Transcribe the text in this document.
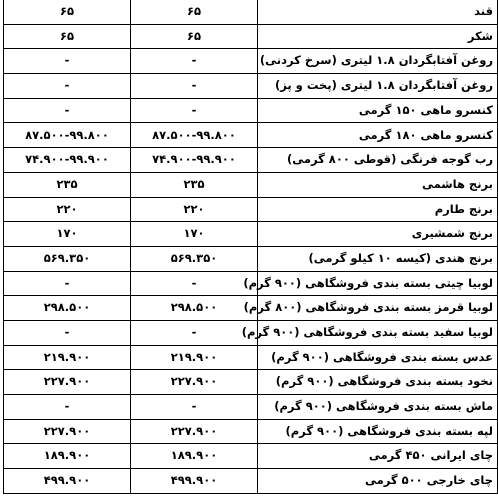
قند	۶۵	۶۵
شکر	۶۵	۶۵
روغن آفتابگردان ۱.۸ لیتری (سرخ کردنی)	-	-
روغن آفتابگردان ۱.۸ لیتری (پخت و پز)	-	-
کنسرو ماهی ۱۵۰ گرمی	-	-
کنسرو ماهی ۱۸۰ گرمی	۸۷.۵۰۰-۹۹.۸۰۰	۸۷.۵۰۰-۹۹.۸۰۰
رب گوجه فرنگی (قوطی ۸۰۰ گرمی)	۷۴.۹۰۰-۹۹.۹۰۰	۷۴.۹۰۰-۹۹.۹۰۰
برنج هاشمی	۲۳۵	۲۳۵
برنج طارم	۲۲۰	۲۲۰
برنج شمشیری	۱۷۰	۱۷۰
برنج هندی (کیسه ۱۰ کیلو گرمی)	۵۶۹.۳۵۰	۵۶۹.۳۵۰
لوبیا چیتی بسته بندی فروشگاهی (۹۰۰ گرم)	-	-
لوبیا قرمز بسته بندی فروشگاهی (۸۰۰ گرم)	۲۹۸.۵۰۰	۲۹۸.۵۰۰
لوبیا سفید بسته بندی فروشگاهی (۹۰۰ گرم)	-	-
عدس بسته بندی فروشگاهی (۹۰۰ گرم)	۲۱۹.۹۰۰	۲۱۹.۹۰۰
نخود بسته بندی فروشگاهی (۹۰۰ گرم)	۲۲۷.۹۰۰	۲۲۷.۹۰۰
ماش بسته بندی فروشگاهی (۹۰۰ گرم)	-	-
لپه بسته بندی فروشگاهی (۹۰۰ گرم)	۲۲۷.۹۰۰	۲۲۷.۹۰۰
چای ایرانی ۴۵۰ گرمی	۱۸۹.۹۰۰	۱۸۹.۹۰۰
چای خارجی ۵۰۰ گرمی	۴۹۹.۹۰۰	۴۹۹.۹۰۰
